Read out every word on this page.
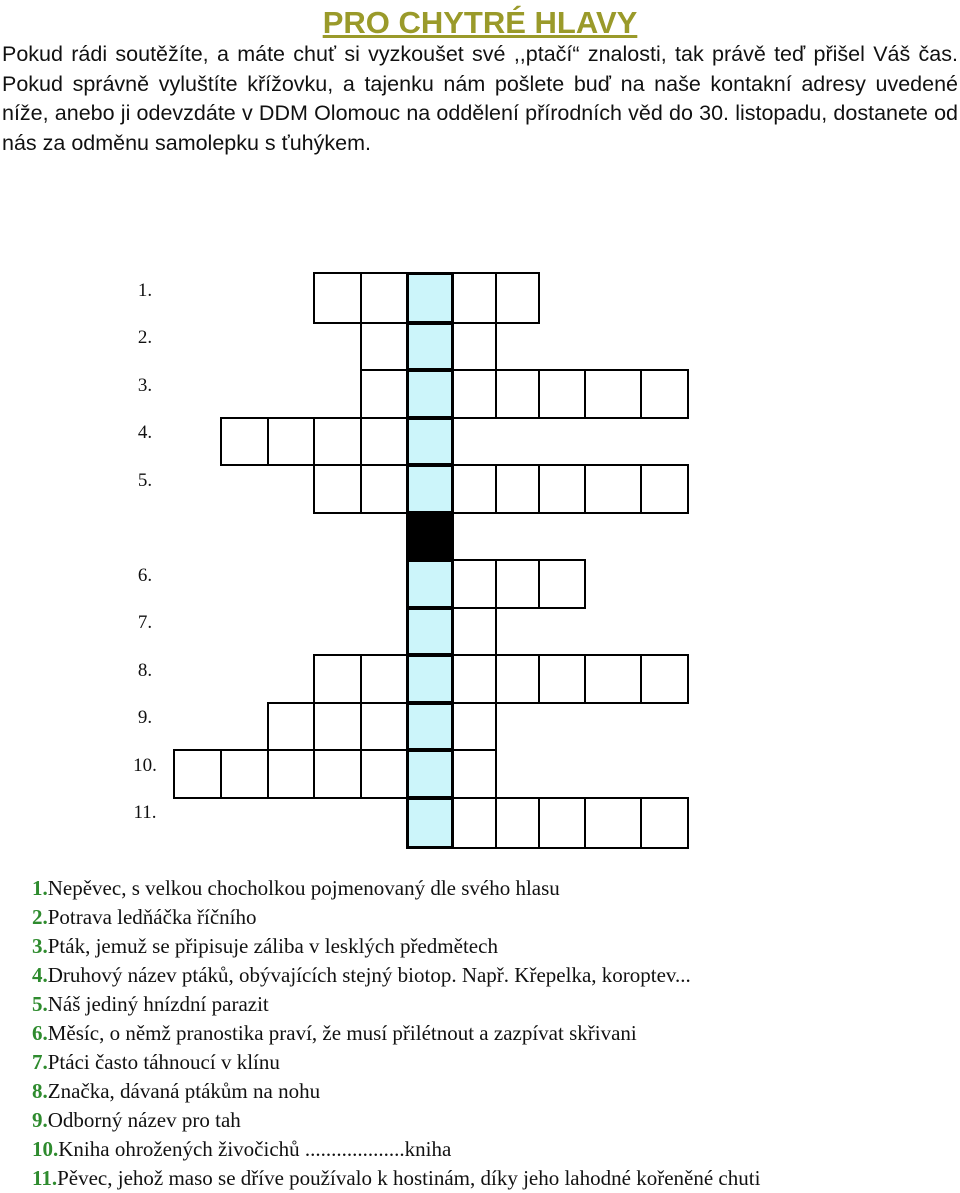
PRO CHYTRÉ HLAVY

Pokud rádi soutěžíte, a máte chuť si vyzkoušet své ,,ptačí“ znalosti, tak právě teď přišel Váš čas. Pokud správně vyluštíte křížovku, a tajenku nám pošlete buď na naše kontakní adresy uvedené níže, anebo ji odevzdáte v DDM Olomouc na oddělení přírodních věd do 30. listopadu, dostanete od nás za odměnu samolepku s ťuhýkem.

1.
2.
3.
4.
5.
6.
7.
8.
9.
10.
11.
1.Nepěvec, s velkou chocholkou pojmenovaný dle svého hlasu
2.Potrava ledňáčka říčního
3.Pták, jemuž se připisuje záliba v lesklých předmětech
4.Druhový název ptáků, obývajících stejný biotop. Např. Křepelka, koroptev...
5.Náš jediný hnízdní parazit
6.Měsíc, o němž pranostika praví, že musí přilétnout a zazpívat skřivani
7.Ptáci často táhnoucí v klínu
8.Značka, dávaná ptákům na nohu
9.Odborný název pro tah
10.Kniha ohrožených živočichů ...................kniha
11.Pěvec, jehož maso se dříve používalo k hostinám, díky jeho lahodné kořeněné chuti
